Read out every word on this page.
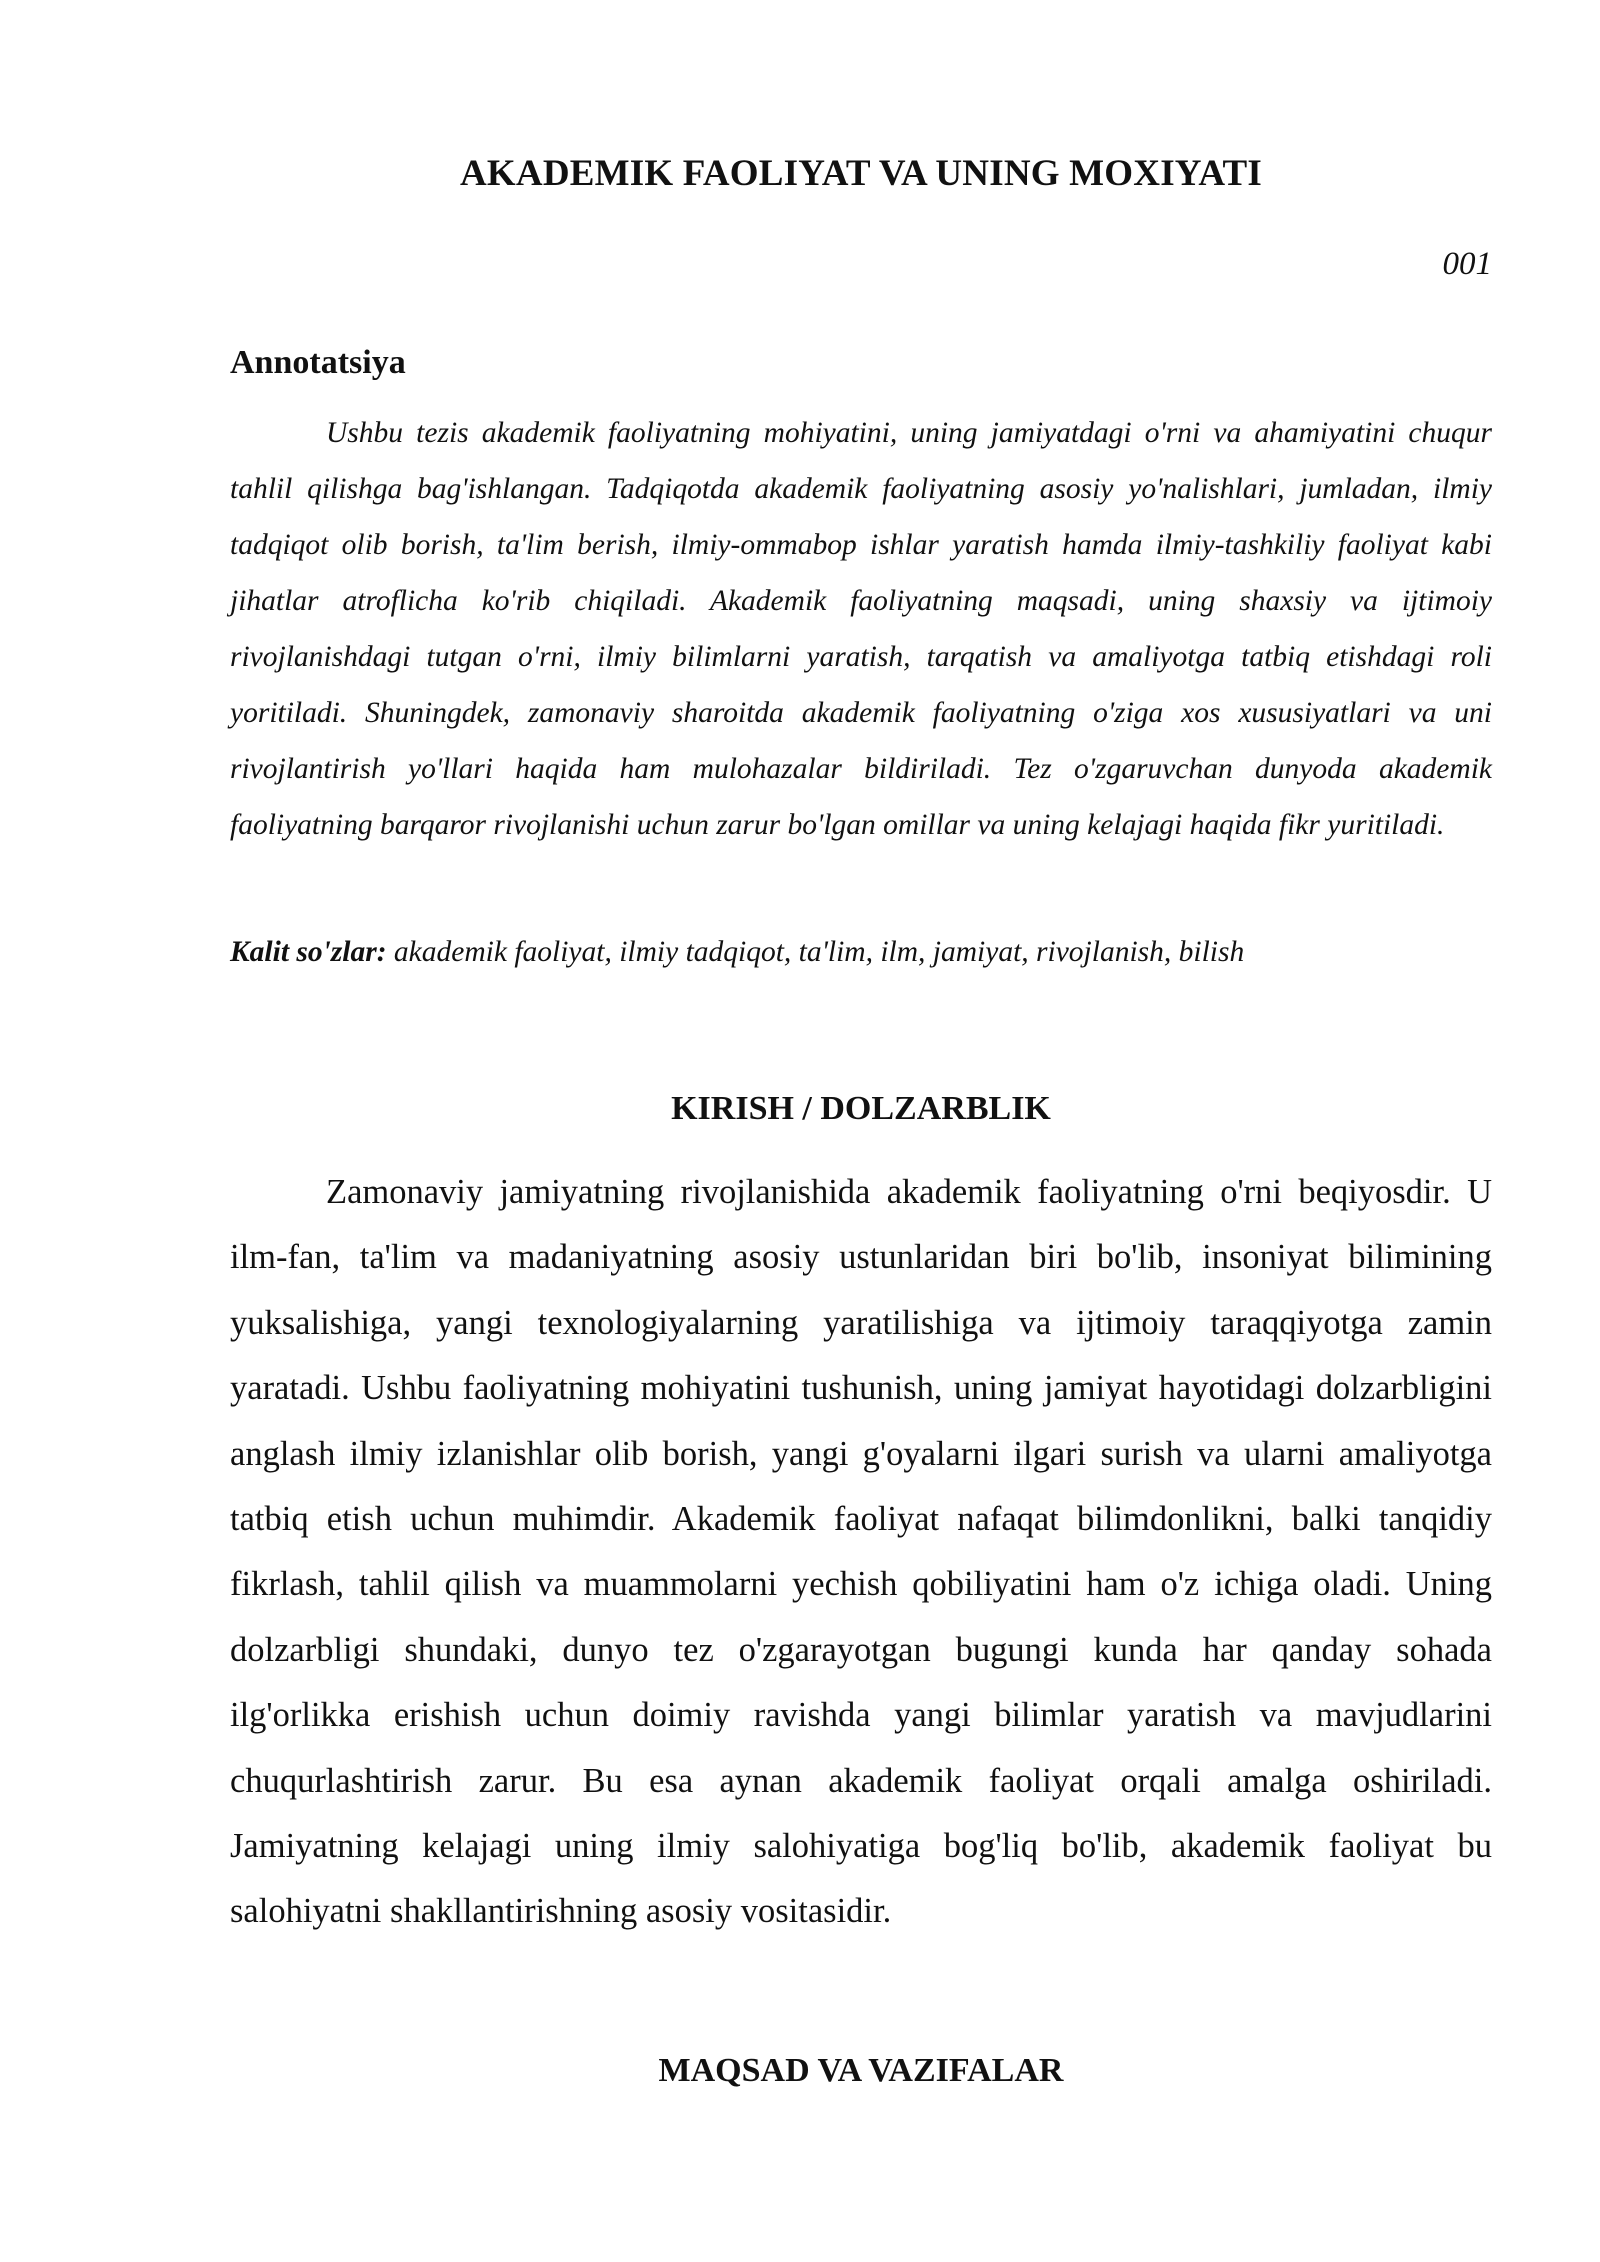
AKADEMIK FAOLIYAT VA UNING MOXIYATI
001
Annotatsiya

Ushbu tezis akademik faoliyatning mohiyatini, uning jamiyatdagi o'rni va ahamiyatini chuqur tahlil qilishga bag'ishlangan. Tadqiqotda akademik faoliyatning asosiy yo'nalishlari, jumladan, ilmiy tadqiqot olib borish, ta'lim berish, ilmiy-ommabop ishlar yaratish hamda ilmiy-tashkiliy faoliyat kabi jihatlar atroflicha ko'rib chiqiladi. Akademik faoliyatning maqsadi, uning shaxsiy va ijtimoiy rivojlanishdagi tutgan o'rni, ilmiy bilimlarni yaratish, tarqatish va amaliyotga tatbiq etishdagi roli yoritiladi. Shuningdek, zamonaviy sharoitda akademik faoliyatning o'ziga xos xususiyatlari va uni rivojlantirish yo'llari haqida ham mulohazalar bildiriladi. Tez o'zgaruvchan dunyoda akademik faoliyatning barqaror rivojlanishi uchun zarur bo'lgan omillar va uning kelajagi haqida fikr yuritiladi.

Kalit so'zlar: akademik faoliyat, ilmiy tadqiqot, ta'lim, ilm, jamiyat, rivojlanish, bilish

KIRISH / DOLZARBLIK

Zamonaviy jamiyatning rivojlanishida akademik faoliyatning o'rni beqiyosdir. U ilm-fan, ta'lim va madaniyatning asosiy ustunlaridan biri bo'lib, insoniyat bilimining yuksalishiga, yangi texnologiyalarning yaratilishiga va ijtimoiy taraqqiyotga zamin yaratadi. Ushbu faoliyatning mohiyatini tushunish, uning jamiyat hayotidagi dolzarbligini anglash ilmiy izlanishlar olib borish, yangi g'oyalarni ilgari surish va ularni amaliyotga tatbiq etish uchun muhimdir. Akademik faoliyat nafaqat bilimdonlikni, balki tanqidiy fikrlash, tahlil qilish va muammolarni yechish qobiliyatini ham o'z ichiga oladi. Uning dolzarbligi shundaki, dunyo tez o'zgarayotgan bugungi kunda har qanday sohada ilg'orlikka erishish uchun doimiy ravishda yangi bilimlar yaratish va mavjudlarini chuqurlashtirish zarur. Bu esa aynan akademik faoliyat orqali amalga oshiriladi. Jamiyatning kelajagi uning ilmiy salohiyatiga bog'liq bo'lib, akademik faoliyat bu salohiyatni shakllantirishning asosiy vositasidir.

MAQSAD VA VAZIFALAR
